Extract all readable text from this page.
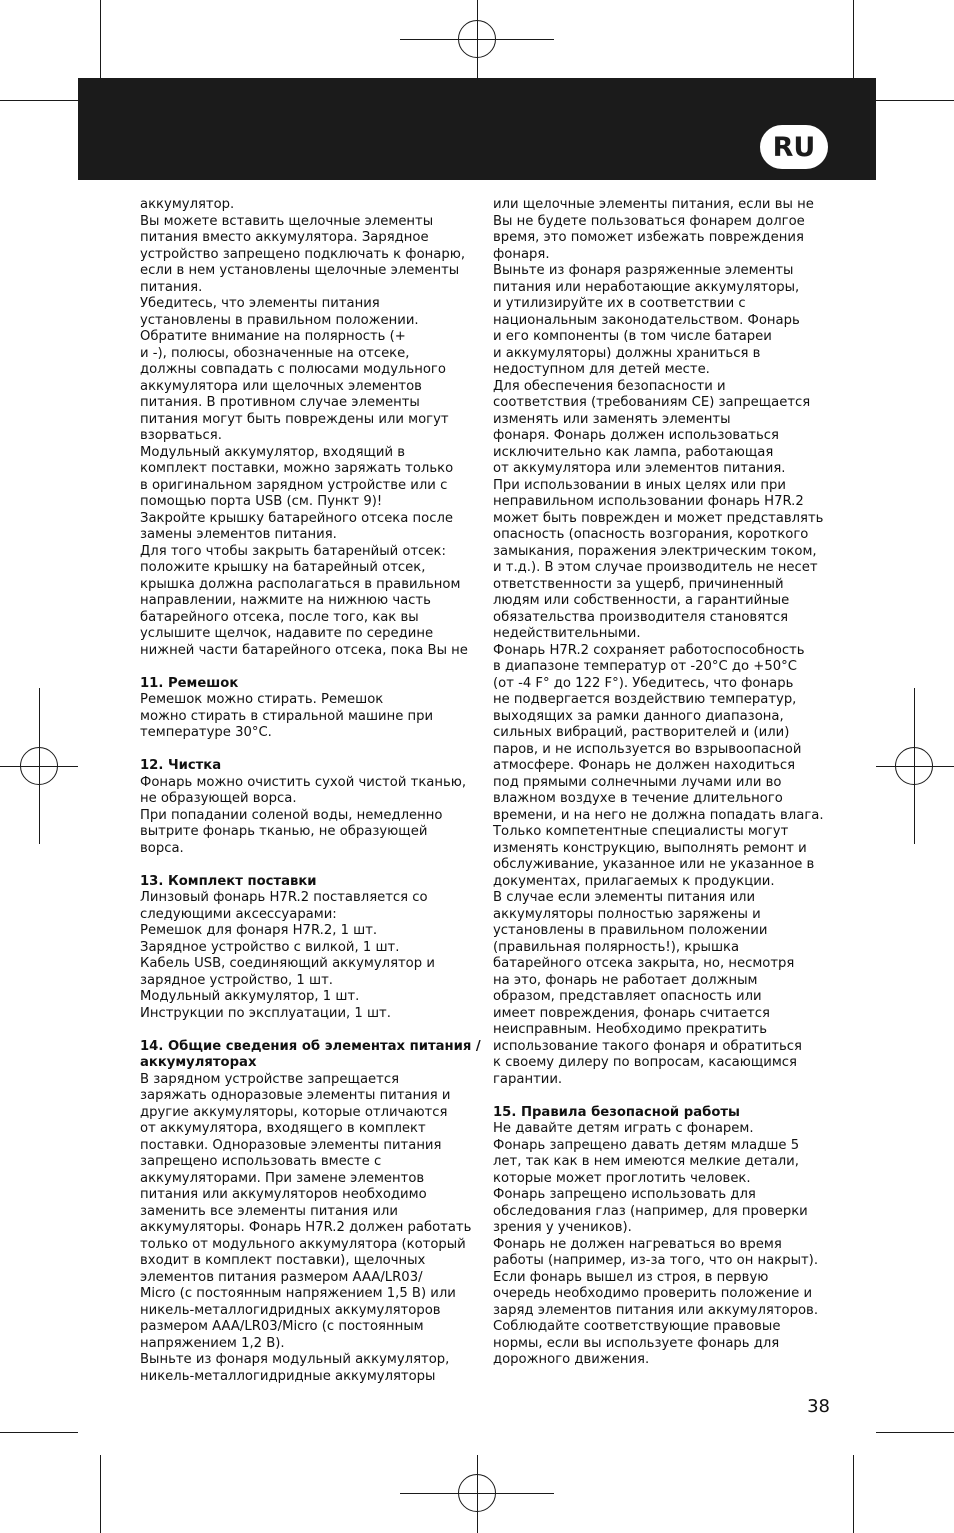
RU
аккумулятор.
Вы можете вставить щелочные элементы
питания вместо аккумулятора. Зарядное
устройство запрещено подключать к фонарю,
если в нем установлены щелочные элементы
питания.
Убедитесь, что элементы питания
установлены в правильном положении.
Обратите внимание на полярность (+
и -), полюсы, обозначенные на отсеке,
должны совпадать с полюсами модульного
аккумулятора или щелочных элементов
питания. В противном случае элементы
питания могут быть повреждены или могут
взорваться.
Модульный аккумулятор, входящий в
комплект поставки, можно заряжать только
в оригинальном зарядном устройстве или с
помощью порта USB (см. Пункт 9)!
Закройте крышку батарейного отсека после
замены элементов питания.
Для того чтобы закрыть батаренйый отсек:
положите крышку на батарейный отсек,
крышка должна располагаться в правильном
направлении, нажмите на нижнюю часть
батарейного отсека, после того, как вы
услышите щелчок, надавите по середине
нижней части батарейного отсека, пока Вы не
11. Ремешок
Ремешок можно стирать. Ремешок
можно стирать в стиральной машине при
температуре 30°C.
12. Чистка
Фонарь можно очистить сухой чистой тканью,
не образующей ворса.
При попадании соленой воды, немедленно
вытрите фонарь тканью, не образующей
ворса.
13. Комплект поставки
Линзовый фонарь H7R.2 поставляется со
следующими аксессуарами:
Ремешок для фонаря H7R.2, 1 шт.
Зарядное устройство с вилкой, 1 шт.
Кабель USB, соединяющий аккумулятор и
зарядное устройство, 1 шт.
Модульный аккумулятор, 1 шт.
Инструкции по эксплуатации, 1 шт.
14. Общие сведения об элементах питания /
аккумуляторах
В зарядном устройстве запрещается
заряжать одноразовые элементы питания и
другие аккумуляторы, которые отличаются
от аккумулятора, входящего в комплект
поставки. Одноразовые элементы питания
запрещено использовать вместе с
аккумуляторами. При замене элементов
питания или аккумуляторов необходимо
заменить все элементы питания или
аккумуляторы. Фонарь H7R.2 должен работать
только от модульного аккумулятора (который
входит в комплект поставки), щелочных
элементов питания размером AAA/LR03/
Micro (с постоянным напряжением 1,5 В) или
никель-металлогидридных аккумуляторов
размером AAA/LR03/Micro (с постоянным
напряжением 1,2 В).
Выньте из фонаря модульный аккумулятор,
никель-металлогидридные аккумуляторы
или щелочные элементы питания, если вы не
Вы не будете пользоваться фонарем долгое
время, это поможет избежать повреждения
фонаря.
Выньте из фонаря разряженные элементы
питания или неработающие аккумуляторы,
и утилизируйте их в соответствии с
национальным законодательством. Фонарь
и его компоненты (в том числе батареи
и аккумуляторы) должны храниться в
недоступном для детей месте.
Для обеспечения безопасности и
соответствия (требованиям CE) запрещается
изменять или заменять элементы
фонаря. Фонарь должен использоваться
исключительно как лампа, работающая
от аккумулятора или элементов питания.
При использовании в иных целях или при
неправильном использовании фонарь H7R.2
может быть поврежден и может представлять
опасность (опасность возгорания, короткого
замыкания, поражения электрическим током,
и т.д.). В этом случае производитель не несет
ответственности за ущерб, причиненный
людям или собственности, а гарантийные
обязательства производителя становятся
недействительными.
Фонарь H7R.2 сохраняет работоспособность
в диапазоне температур от -20°C до +50°C
(от -4 F° до 122 F°). Убедитесь, что фонарь
не подвергается воздействию температур,
выходящих за рамки данного диапазона,
сильных вибраций, растворителей и (или)
паров, и не используется во взрывоопасной
атмосфере. Фонарь не должен находиться
под прямыми солнечными лучами или во
влажном воздухе в течение длительного
времени, и на него не должна попадать влага.
Только компетентные специалисты могут
изменять конструкцию, выполнять ремонт и
обслуживание, указанное или не указанное в
документах, прилагаемых к продукции.
В случае если элементы питания или
аккумуляторы полностью заряжены и
установлены в правильном положении
(правильная полярность!), крышка
батарейного отсека закрыта, но, несмотря
на это, фонарь не работает должным
образом, представляет опасность или
имеет повреждения, фонарь считается
неисправным. Необходимо прекратить
использование такого фонаря и обратиться
к своему дилеру по вопросам, касающимся
гарантии.
15. Правила безопасной работы
Не давайте детям играть с фонарем.
Фонарь запрещено давать детям младше 5
лет, так как в нем имеются мелкие детали,
которые может проглотить человек.
Фонарь запрещено использовать для
обследования глаз (например, для проверки
зрения у учеников).
Фонарь не должен нагреваться во время
работы (например, из-за того, что он накрыт).
Если фонарь вышел из строя, в первую
очередь необходимо проверить положение и
заряд элементов питания или аккумуляторов.
Соблюдайте соответствующие правовые
нормы, если вы используете фонарь для
дорожного движения.
38
